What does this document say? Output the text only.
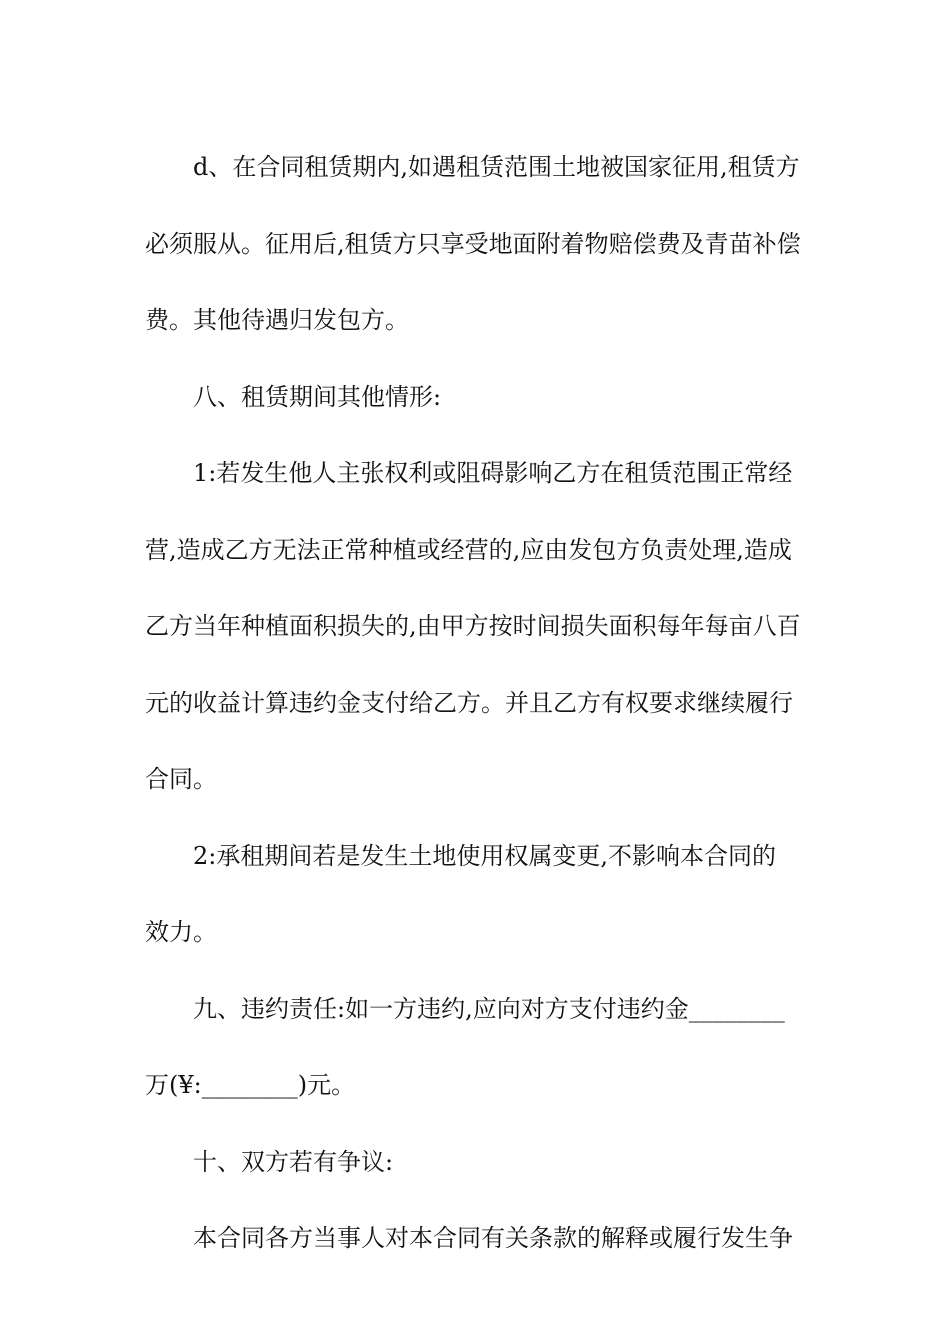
d、在合同租赁期内,如遇租赁范围土地被国家征用,租赁方
必须服从。征用后,租赁方只享受地面附着物赔偿费及青苗补偿
费。其他待遇归发包方。
八、租赁期间其他情形:
1:若发生他人主张权利或阻碍影响乙方在租赁范围正常经
营,造成乙方无法正常种植或经营的,应由发包方负责处理,造成
乙方当年种植面积损失的,由甲方按时间损失面积每年每亩八百
元的收益计算违约金支付给乙方。并且乙方有权要求继续履行
合同。
2:承租期间若是发生土地使用权属变更,不影响本合同的
效力。
九、违约责任:如一方违约,应向对方支付违约金________
万(¥:________)元。
十、双方若有争议:
本合同各方当事人对本合同有关条款的解释或履行发生争
